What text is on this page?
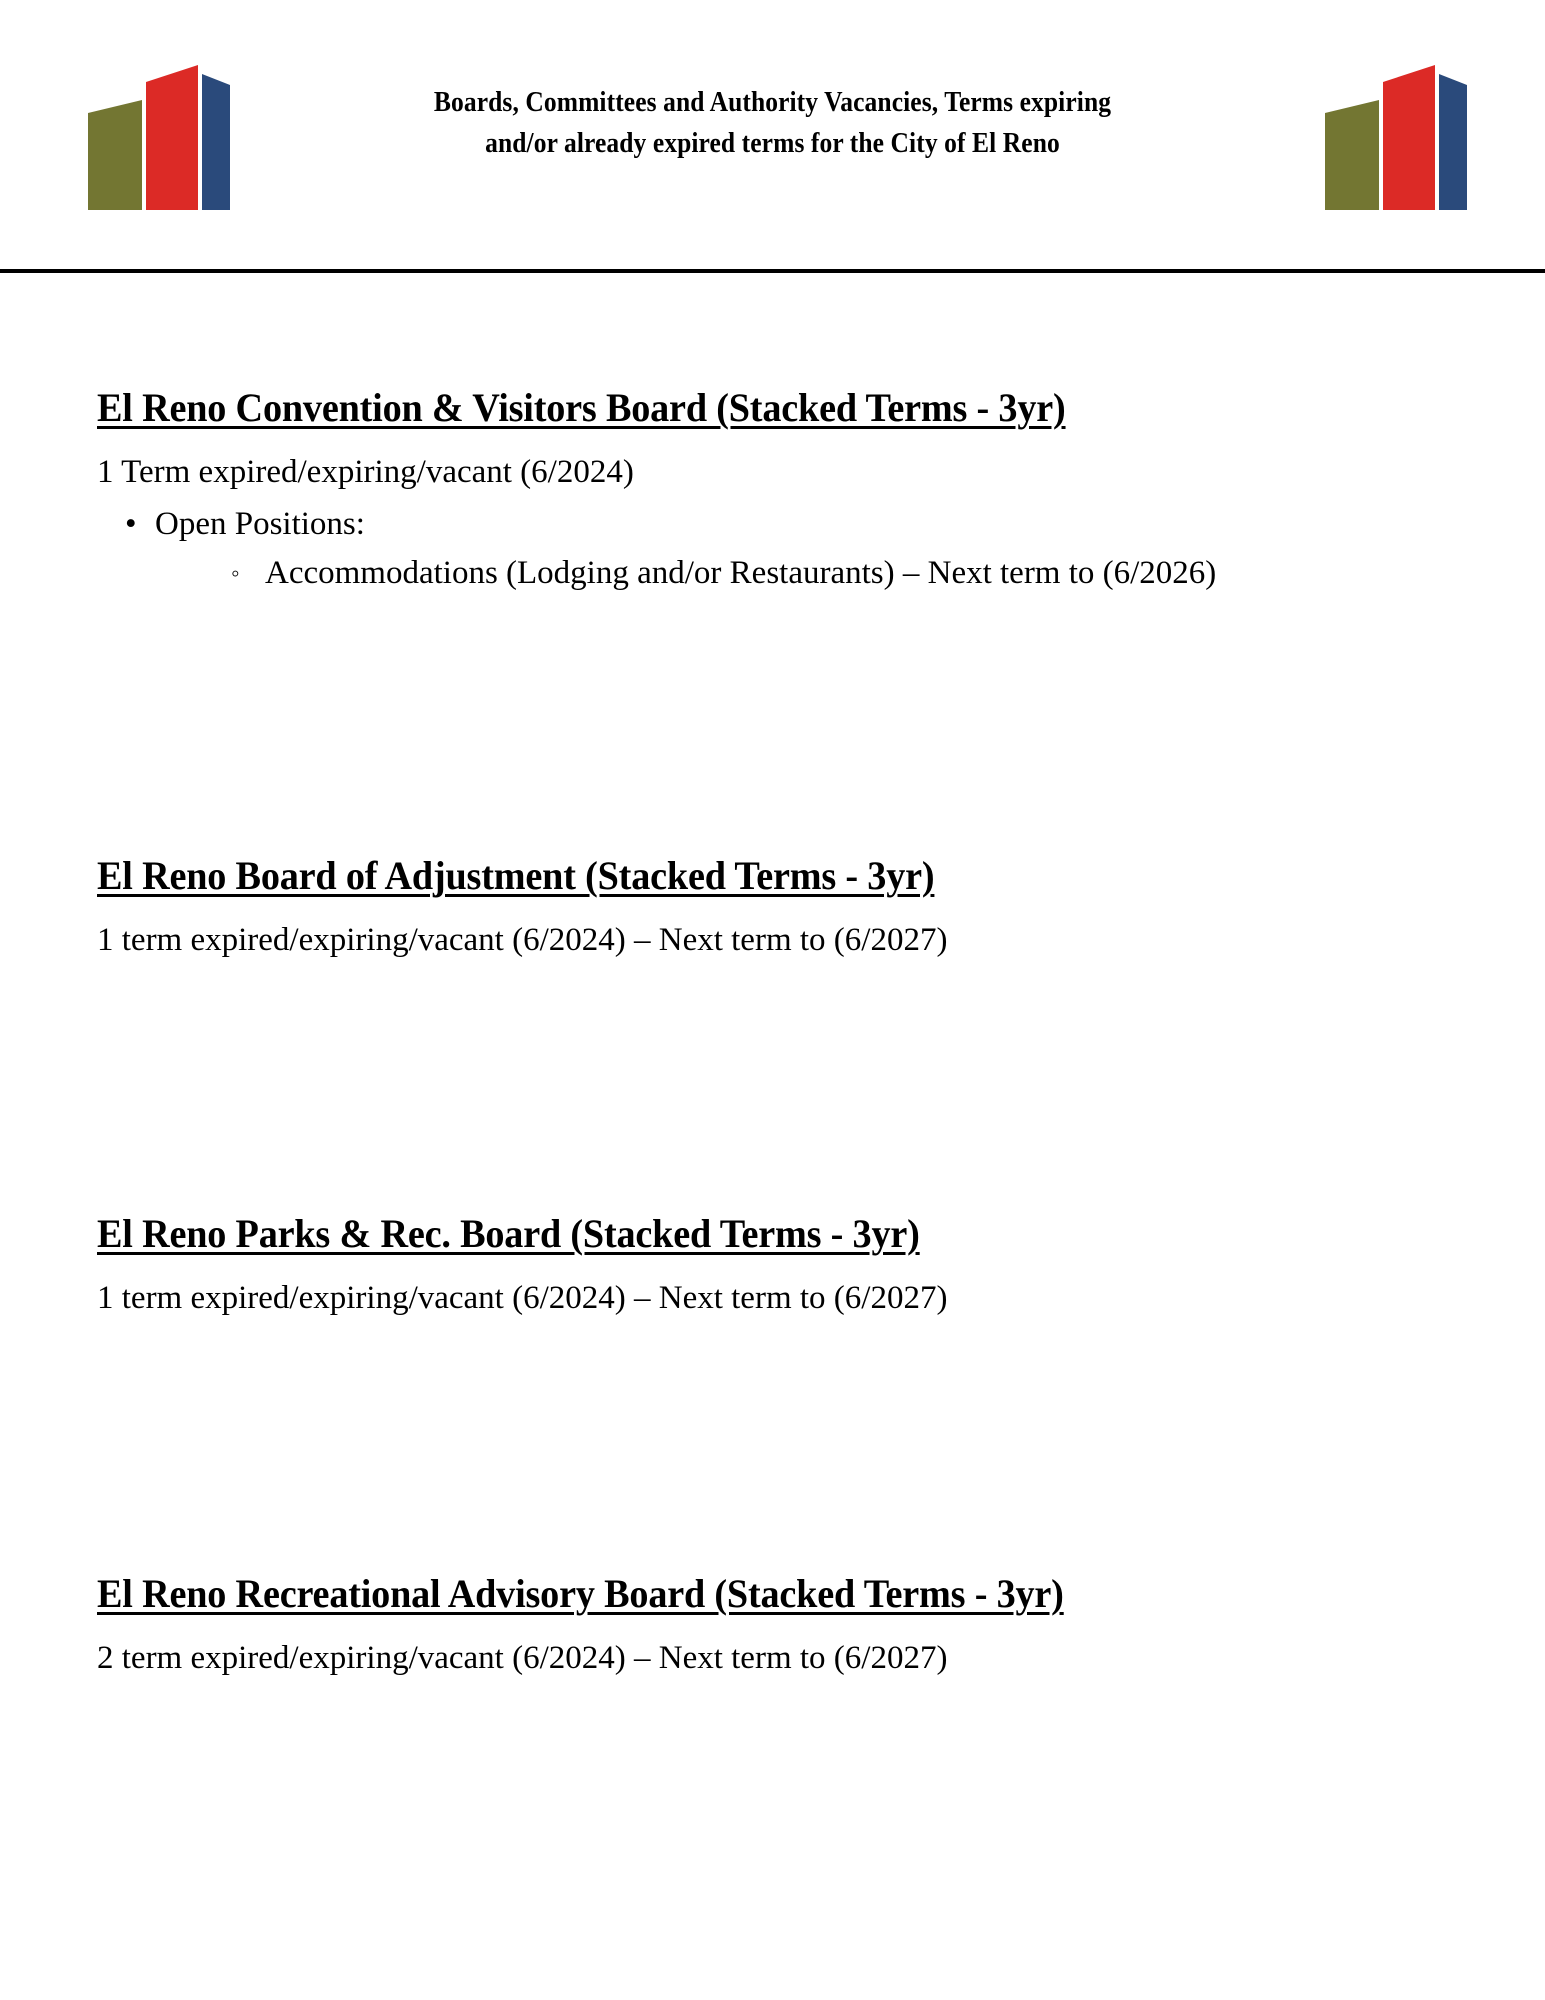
Boards, Committees and Authority Vacancies, Terms expiring
and/or already expired terms for the City of El Reno
El Reno Convention & Visitors Board (Stacked Terms - 3yr)

1 Term expired/expiring/vacant (6/2024)

• Open Positions:
◦ Accommodations (Lodging and/or Restaurants) – Next term to (6/2026)
El Reno Board of Adjustment (Stacked Terms - 3yr)

1 term expired/expiring/vacant (6/2024) – Next term to (6/2027)

El Reno Parks & Rec. Board (Stacked Terms - 3yr)

1 term expired/expiring/vacant (6/2024) – Next term to (6/2027)

El Reno Recreational Advisory Board (Stacked Terms - 3yr)

2 term expired/expiring/vacant (6/2024) – Next term to (6/2027)
